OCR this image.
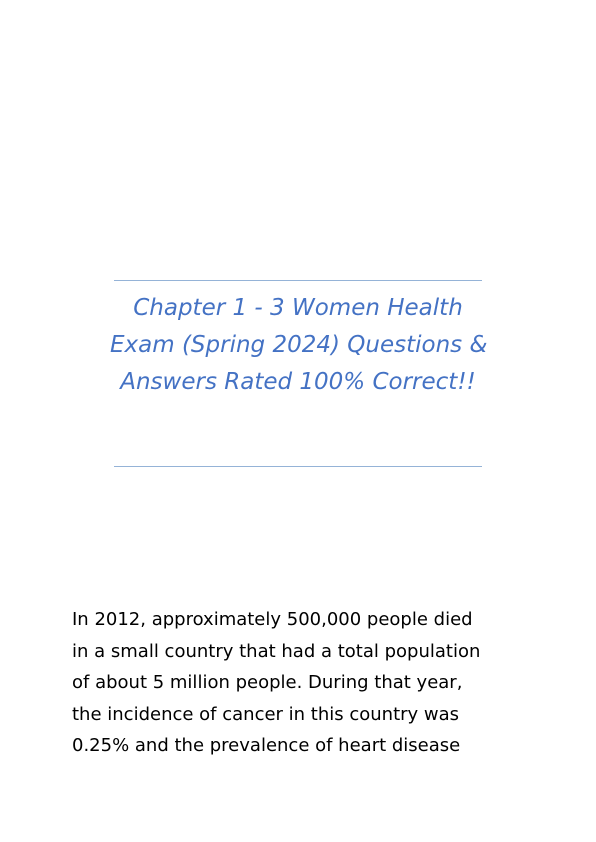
Chapter 1 - 3 Women Health
Exam (Spring 2024) Questions &
Answers Rated 100% Correct!!
In 2012, approximately 500,000 people died
in a small country that had a total population
of about 5 million people. During that year,
the incidence of cancer in this country was
0.25% and the prevalence of heart disease
